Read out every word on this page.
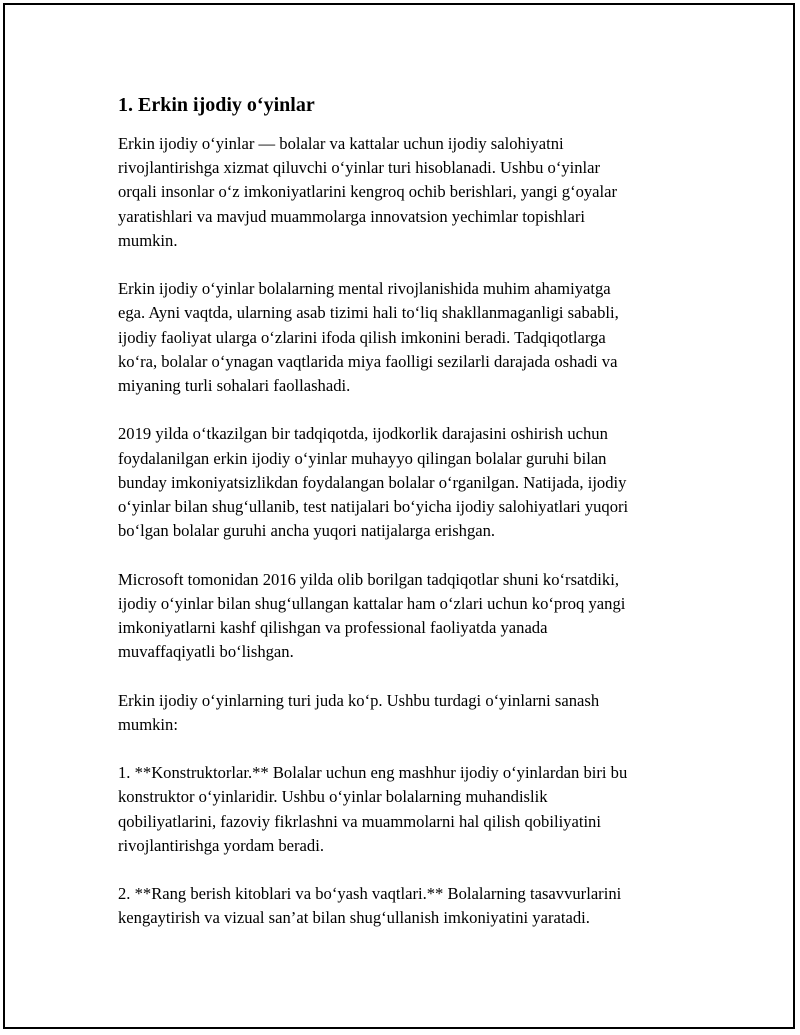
1. Erkin ijodiy o‘yinlar

Erkin ijodiy o‘yinlar — bolalar va kattalar uchun ijodiy salohiyatni
rivojlantirishga xizmat qiluvchi o‘yinlar turi hisoblanadi. Ushbu o‘yinlar
orqali insonlar o‘z imkoniyatlarini kengroq ochib berishlari, yangi g‘oyalar
yaratishlari va mavjud muammolarga innovatsion yechimlar topishlari
mumkin.

Erkin ijodiy o‘yinlar bolalarning mental rivojlanishida muhim ahamiyatga
ega. Ayni vaqtda, ularning asab tizimi hali to‘liq shakllanmaganligi sababli,
ijodiy faoliyat ularga o‘zlarini ifoda qilish imkonini beradi. Tadqiqotlarga
ko‘ra, bolalar o‘ynagan vaqtlarida miya faolligi sezilarli darajada oshadi va
miyaning turli sohalari faollashadi.

2019 yilda o‘tkazilgan bir tadqiqotda, ijodkorlik darajasini oshirish uchun
foydalanilgan erkin ijodiy o‘yinlar muhayyo qilingan bolalar guruhi bilan
bunday imkoniyatsizlikdan foydalangan bolalar o‘rganilgan. Natijada, ijodiy
o‘yinlar bilan shug‘ullanib, test natijalari bo‘yicha ijodiy salohiyatlari yuqori
bo‘lgan bolalar guruhi ancha yuqori natijalarga erishgan.

Microsoft tomonidan 2016 yilda olib borilgan tadqiqotlar shuni ko‘rsatdiki,
ijodiy o‘yinlar bilan shug‘ullangan kattalar ham o‘zlari uchun ko‘proq yangi
imkoniyatlarni kashf qilishgan va professional faoliyatda yanada
muvaffaqiyatli bo‘lishgan.

Erkin ijodiy o‘yinlarning turi juda ko‘p. Ushbu turdagi o‘yinlarni sanash
mumkin:

1. **Konstruktorlar.** Bolalar uchun eng mashhur ijodiy o‘yinlardan biri bu
konstruktor o‘yinlaridir. Ushbu o‘yinlar bolalarning muhandislik
qobiliyatlarini, fazoviy fikrlashni va muammolarni hal qilish qobiliyatini
rivojlantirishga yordam beradi.

2. **Rang berish kitoblari va bo‘yash vaqtlari.** Bolalarning tasavvurlarini
kengaytirish va vizual san’at bilan shug‘ullanish imkoniyatini yaratadi.
